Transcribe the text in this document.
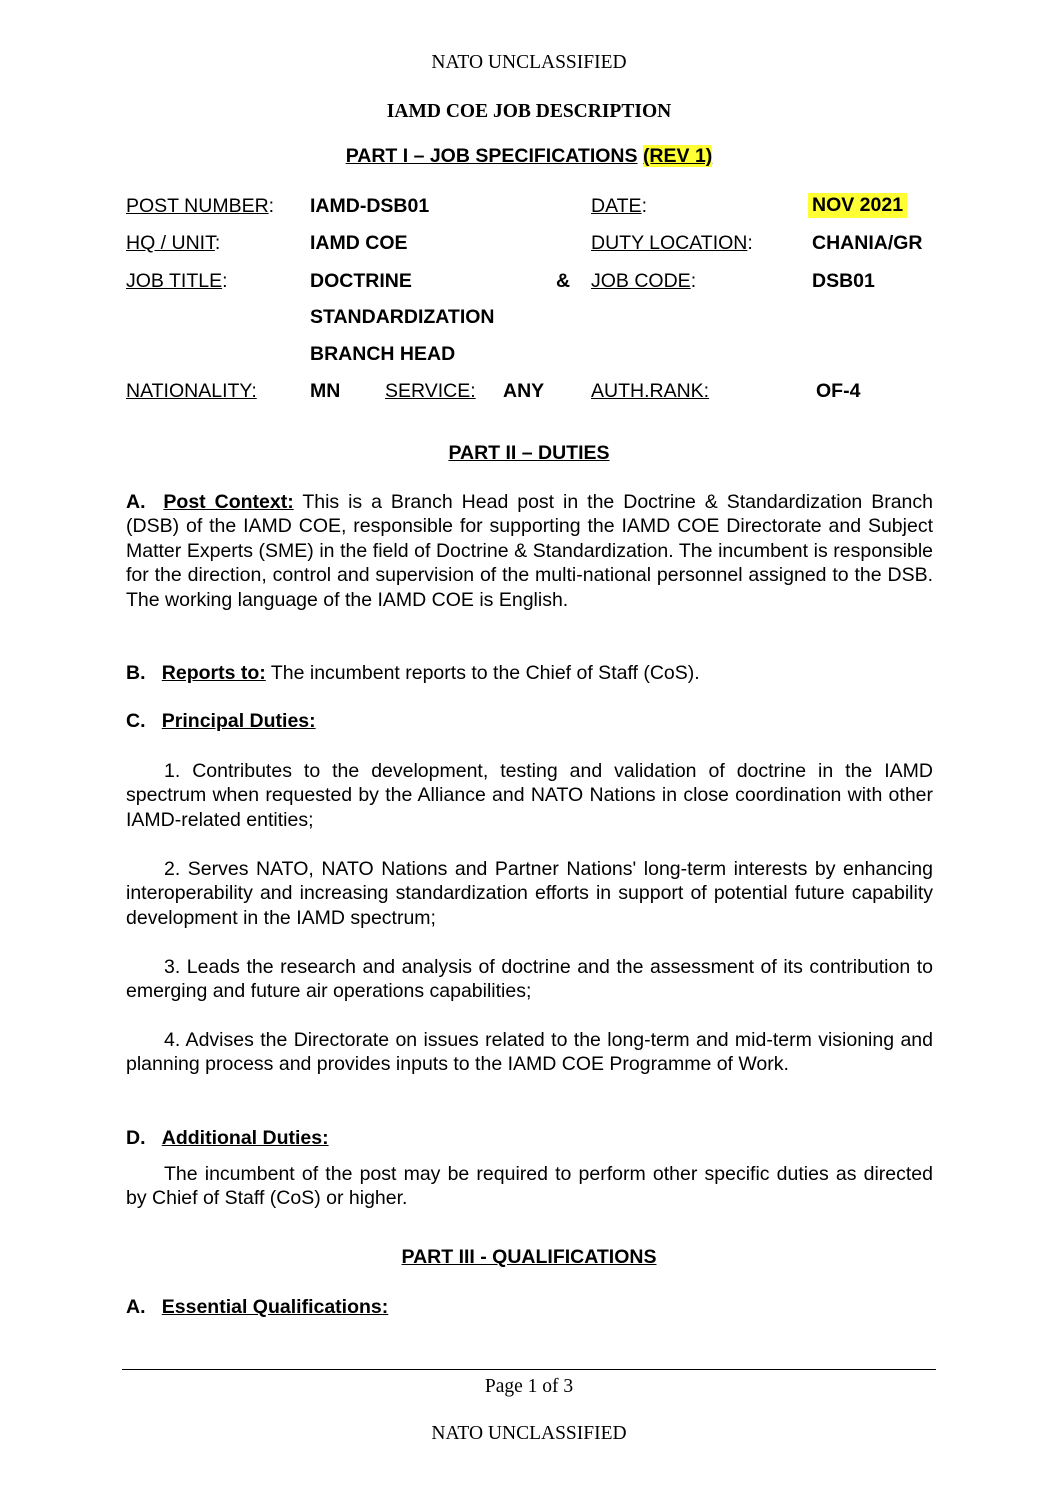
NATO UNCLASSIFIED
IAMD COE JOB DESCRIPTION
PART I – JOB SPECIFICATIONS (REV 1)
POST NUMBER: IAMD-DSB01	DATE:	NOV 2021
HQ / UNIT:	IAMD COE	DUTY LOCATION:	CHANIA/GR
JOB TITLE:	DOCTRINE	& JOB CODE:	DSB01
STANDARDIZATION
BRANCH HEAD
NATIONALITY:	MN SERVICE: ANY AUTH.RANK:	OF-4
PART II – DUTIES
A. Post Context: This is a Branch Head post in the Doctrine & Standardization Branch (DSB) of the IAMD COE, responsible for supporting the IAMD COE Directorate and Subject Matter Experts (SME) in the field of Doctrine & Standardization. The incumbent is responsible for the direction, control and supervision of the multi-national personnel assigned to the DSB. The working language of the IAMD COE is English.
B. Reports to: The incumbent reports to the Chief of Staff (CoS).
C. Principal Duties:
1. Contributes to the development, testing and validation of doctrine in the IAMD spectrum when requested by the Alliance and NATO Nations in close coordination with other IAMD-related entities;
2. Serves NATO, NATO Nations and Partner Nations' long-term interests by enhancing interoperability and increasing standardization efforts in support of potential future capability development in the IAMD spectrum;
3. Leads the research and analysis of doctrine and the assessment of its contribution to emerging and future air operations capabilities;
4. Advises the Directorate on issues related to the long-term and mid-term visioning and planning process and provides inputs to the IAMD COE Programme of Work.
D. Additional Duties:
The incumbent of the post may be required to perform other specific duties as directed by Chief of Staff (CoS) or higher.
PART III - QUALIFICATIONS
A. Essential Qualifications:
Page 1 of 3
NATO UNCLASSIFIED
